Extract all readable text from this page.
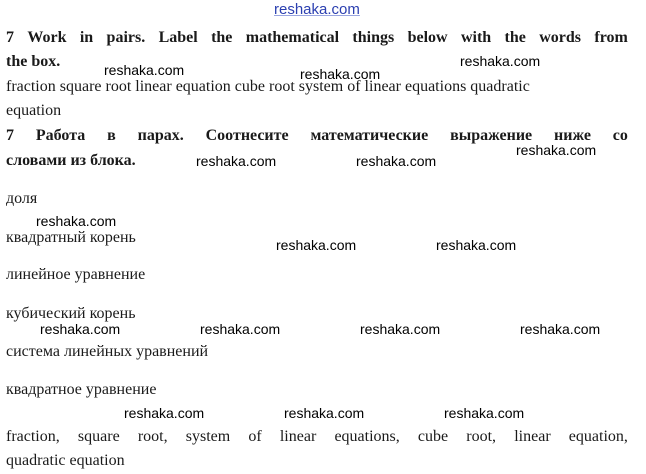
reshaka.com
7 Work in pairs. Label the mathematical things below with the words from
the box.
fraction square root linear equation cube root system of linear equations quadratic
equation
7 Работа в парах. Соотнесите математические выражение ниже со
словами из блока.
доля
квадратный корень
линейное уравнение
кубический корень
система линейных уравнений
квадратное уравнение
fraction, square root, system of linear equations, cube root, linear equation,
quadratic equation
reshaka.com	reshaka.com
reshaka.com
reshaka.com	reshaka.com
reshaka.com
reshaka.com
reshaka.com	reshaka.com
reshaka.com	reshaka.com	reshaka.com	reshaka.com
reshaka.com	reshaka.com	reshaka.com
